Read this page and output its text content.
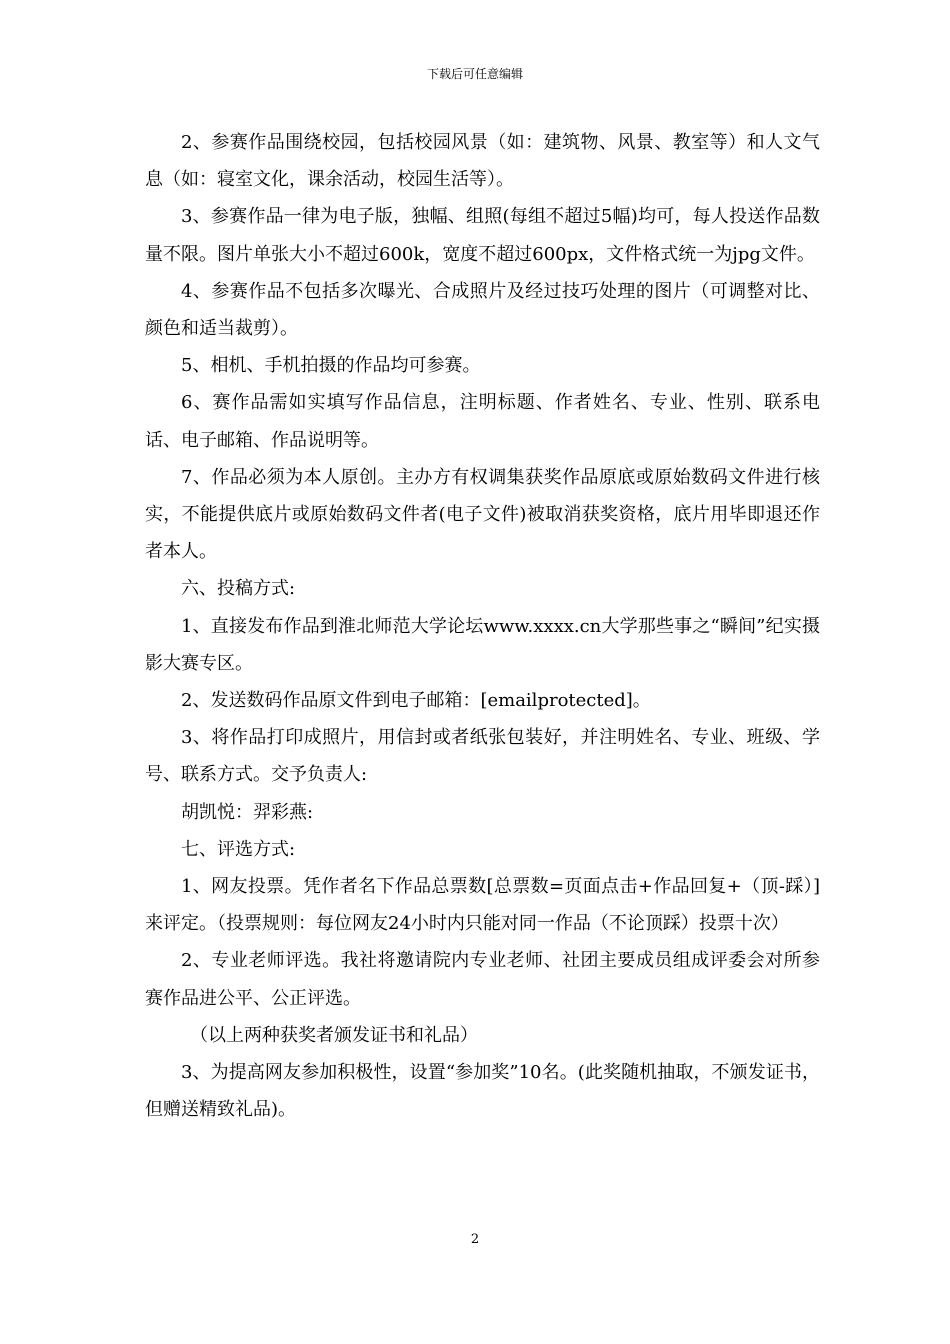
下载后可任意编辑

2、参赛作品围绕校园，包括校园风景（如：建筑物、风景、教室等）和人文气息（如：寝室文化，课余活动，校园生活等）。

3、参赛作品一律为电子版，独幅、组照(每组不超过5幅)均可，每人投送作品数量不限。图片单张大小不超过600k，宽度不超过600px，文件格式统一为jpg文件。

4、参赛作品不包括多次曝光、合成照片及经过技巧处理的图片（可调整对比、颜色和适当裁剪）。

5、相机、手机拍摄的作品均可参赛。

6、赛作品需如实填写作品信息，注明标题、作者姓名、专业、性别、联系电话、电子邮箱、作品说明等。

7、作品必须为本人原创。主办方有权调集获奖作品原底或原始数码文件进行核实，不能提供底片或原始数码文件者(电子文件)被取消获奖资格，底片用毕即退还作者本人。

六、投稿方式:

1、直接发布作品到淮北师范大学论坛www.xxxx.cn大学那些事之“瞬间”纪实摄影大赛专区。

2、发送数码作品原文件到电子邮箱：[emailprotected]。

3、将作品打印成照片，用信封或者纸张包装好，并注明姓名、专业、班级、学号、联系方式。交予负责人:

胡凯悦：羿彩燕:

七、评选方式:

1、网友投票。凭作者名下作品总票数[总票数=页面点击+作品回复+（顶-踩）]来评定。（投票规则：每位网友24小时内只能对同一作品（不论顶踩）投票十次）

2、专业老师评选。我社将邀请院内专业老师、社团主要成员组成评委会对所参赛作品进公平、公正评选。

（以上两种获奖者颁发证书和礼品）

3、为提高网友参加积极性，设置“参加奖”10名。(此奖随机抽取，不颁发证书，但赠送精致礼品)。

2
